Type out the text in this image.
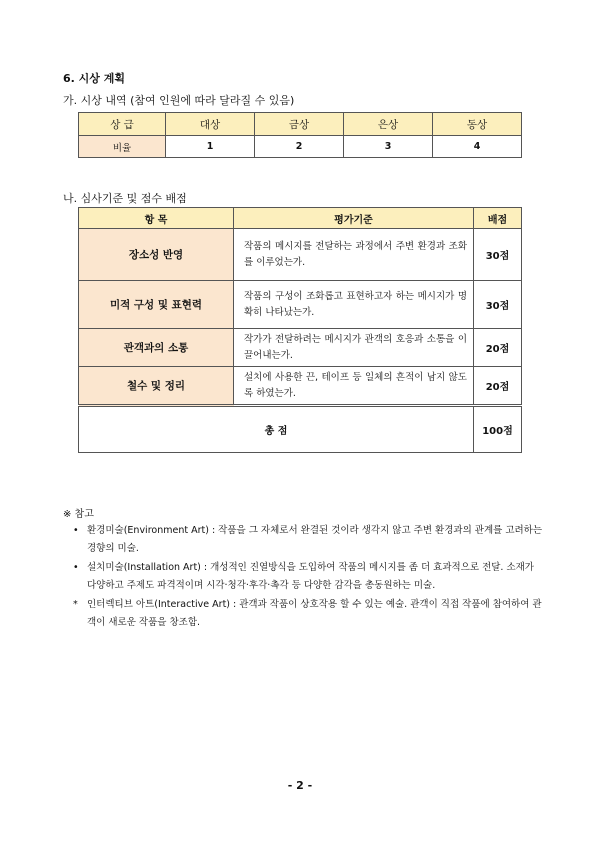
6. 시상 계획
가. 시상 내역 (참여 인원에 따라 달라질 수 있음)
상 급	대상	금상	은상	동상
비율	1	2	3	4
나. 심사기준 및 점수 배점
항 목	평가기준	배점
장소성 반영	작품의 메시지를 전달하는 과정에서 주변 환경과 조화를 이루었는가.	30점
미적 구성 및 표현력	작품의 구성이 조화롭고 표현하고자 하는 메시지가 명확히 나타났는가.	30점
관객과의 소통	작가가 전달하려는 메시지가 관객의 호응과 소통을 이끌어내는가.	20점
철수 및 정리	설치에 사용한 끈, 테이프 등 일체의 흔적이 남지 않도록 하였는가.	20점
총 점		100점
※ 참고
• 환경미술(Environment Art) : 작품을 그 자체로서 완결된 것이라 생각지 않고 주변 환경과의 관계를 고려하는 경향의 미술.
• 설치미술(Installation Art) : 개성적인 진열방식을 도입하여 작품의 메시지를 좀 더 효과적으로 전달. 소재가 다양하고 주제도 파격적이며 시각·청각·후각·촉각 등 다양한 감각을 총동원하는 미술.
* 인터렉티브 아트(Interactive Art) : 관객과 작품이 상호작용 할 수 있는 예술. 관객이 직접 작품에 참여하여 관객이 새로운 작품을 창조함.
- 2 -
